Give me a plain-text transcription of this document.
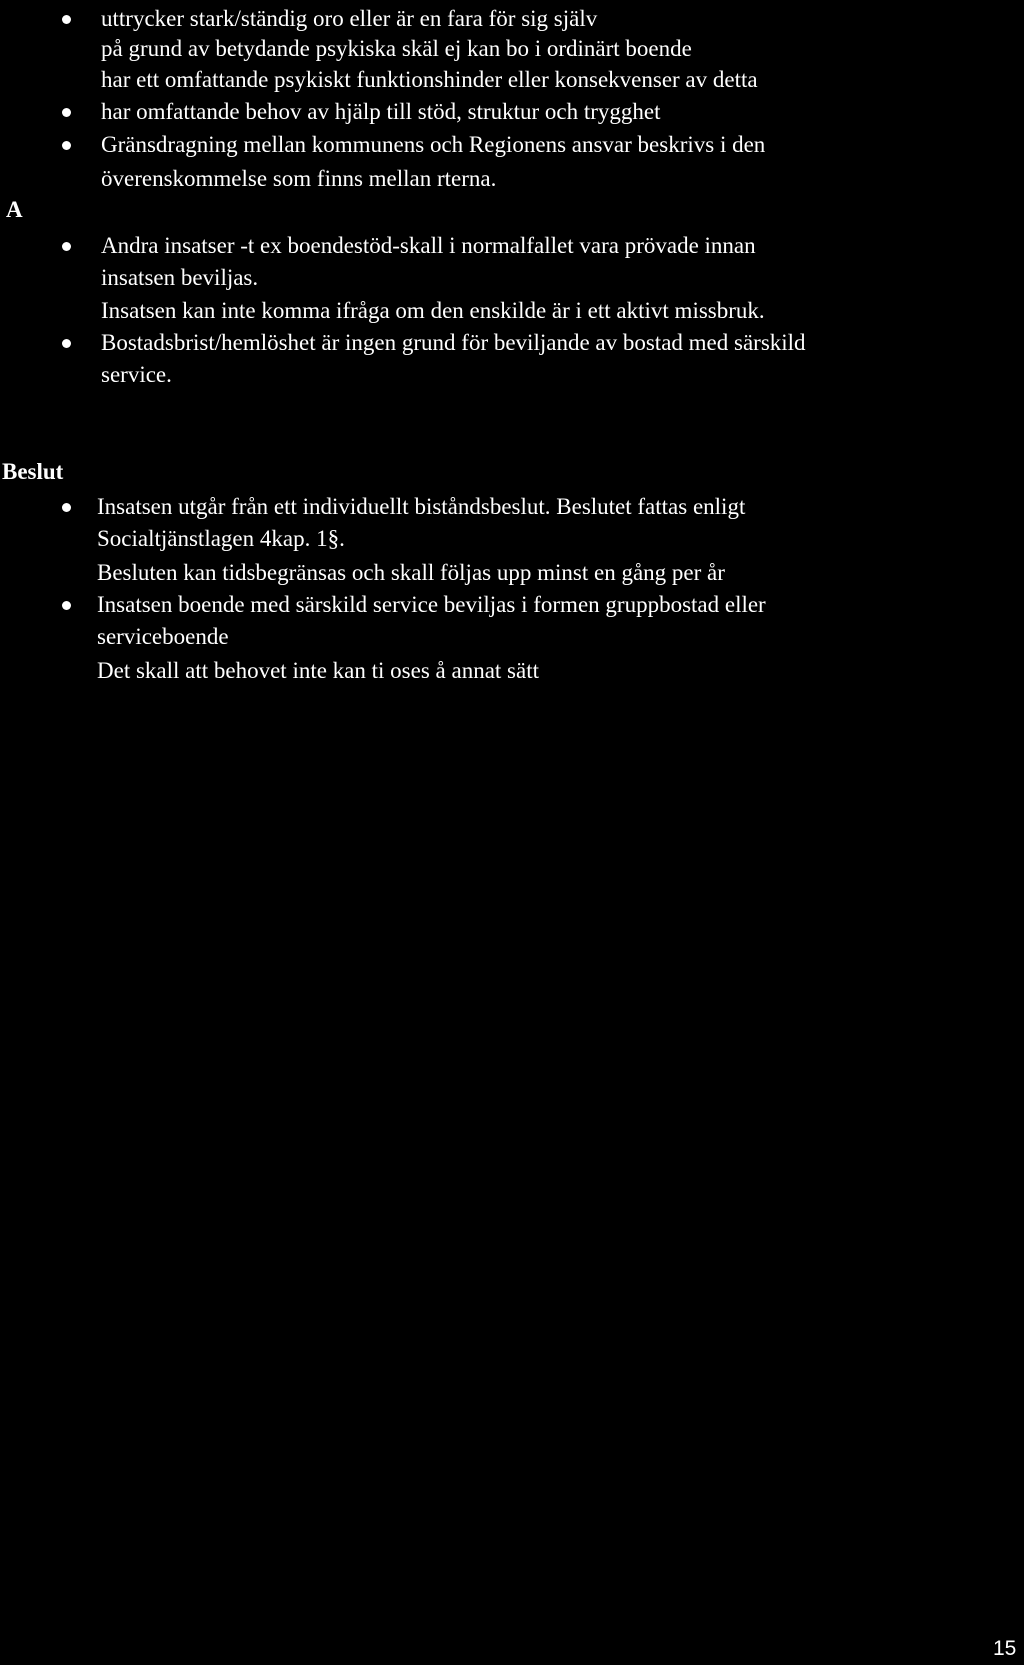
uttrycker stark/ständig oro eller är en fara för sig själv
på grund av betydande psykiska skäl ej kan bo i ordinärt boende
har ett omfattande psykiskt funktionshinder eller konsekvenser av detta
har omfattande behov av hjälp till stöd, struktur och trygghet
Gränsdragning mellan kommunens och Regionens ansvar beskrivs i den
överenskommelse som finns mellan rterna.
A
Andra insatser -t ex boendestöd-skall i normalfallet vara prövade innan
insatsen beviljas.
Insatsen kan inte komma ifråga om den enskilde är i ett aktivt missbruk.
Bostadsbrist/hemlöshet är ingen grund för beviljande av bostad med särskild
service.
Beslut
Insatsen utgår från ett individuellt biståndsbeslut. Beslutet fattas enligt
Socialtjänstlagen 4kap. 1§.
Besluten kan tidsbegränsas och skall följas upp minst en gång per år
Insatsen boende med särskild service beviljas i formen gruppbostad eller
serviceboende
Det skall att behovet inte kan ti oses å annat sätt
15
